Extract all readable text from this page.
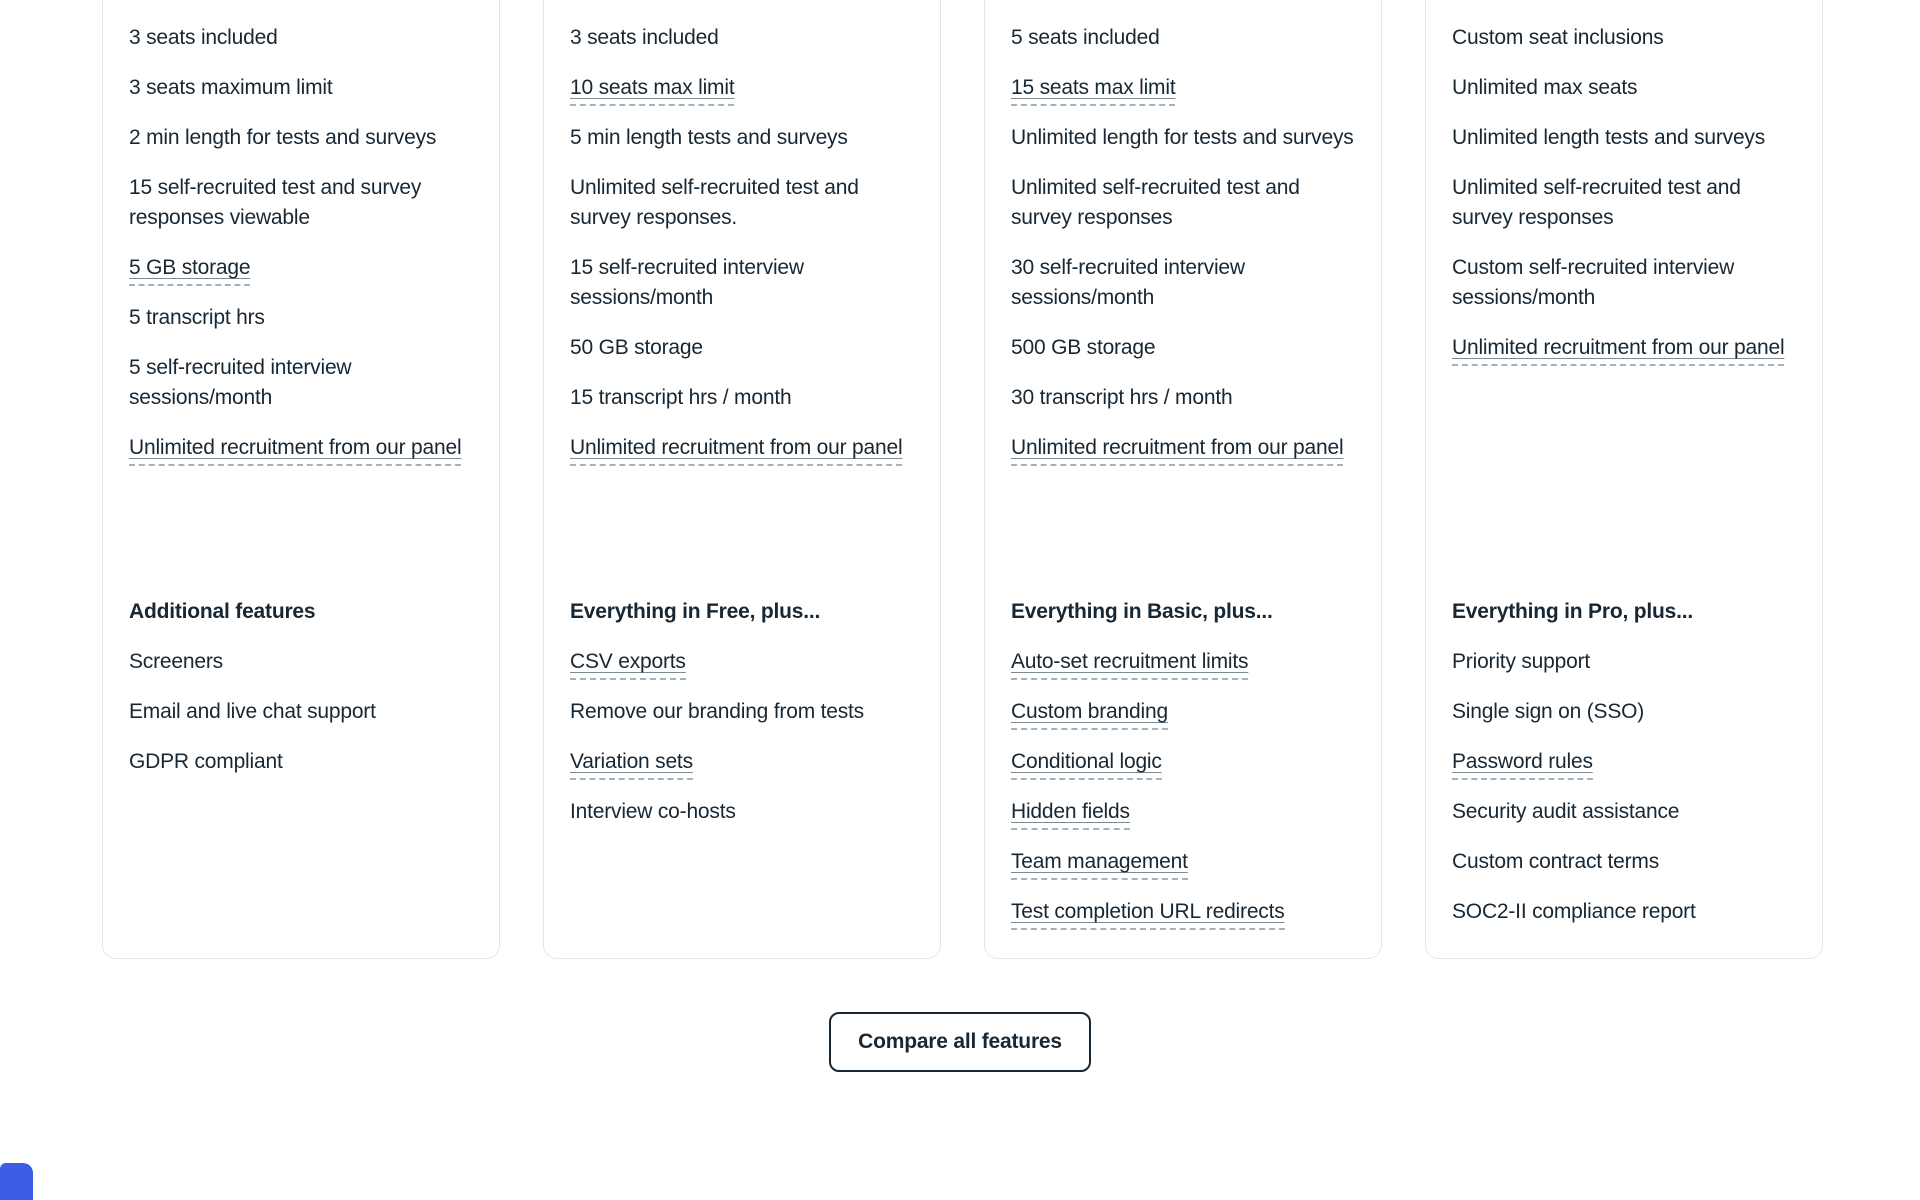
3 seats included
3 seats maximum limit
2 min length for tests and surveys
15 self-recruited test and survey responses viewable
5 GB storage
5 transcript hrs
5 self-recruited interview sessions/month
Unlimited recruitment from our panel
Additional features
Screeners
Email and live chat support
GDPR compliant
3 seats included
10 seats max limit
5 min length tests and surveys
Unlimited self-recruited test and survey responses.
15 self-recruited interview sessions/month
50 GB storage
15 transcript hrs / month
Unlimited recruitment from our panel
Everything in Free, plus...
CSV exports
Remove our branding from tests
Variation sets
Interview co-hosts
5 seats included
15 seats max limit
Unlimited length for tests and surveys
Unlimited self-recruited test and survey responses
30 self-recruited interview sessions/month
500 GB storage
30 transcript hrs / month
Unlimited recruitment from our panel
Everything in Basic, plus...
Auto-set recruitment limits
Custom branding
Conditional logic
Hidden fields
Team management
Test completion URL redirects
Custom seat inclusions
Unlimited max seats
Unlimited length tests and surveys
Unlimited self-recruited test and survey responses
Custom self-recruited interview sessions/month
Unlimited recruitment from our panel
Everything in Pro, plus...
Priority support
Single sign on (SSO)
Password rules
Security audit assistance
Custom contract terms
SOC2-II compliance report
Compare all features
